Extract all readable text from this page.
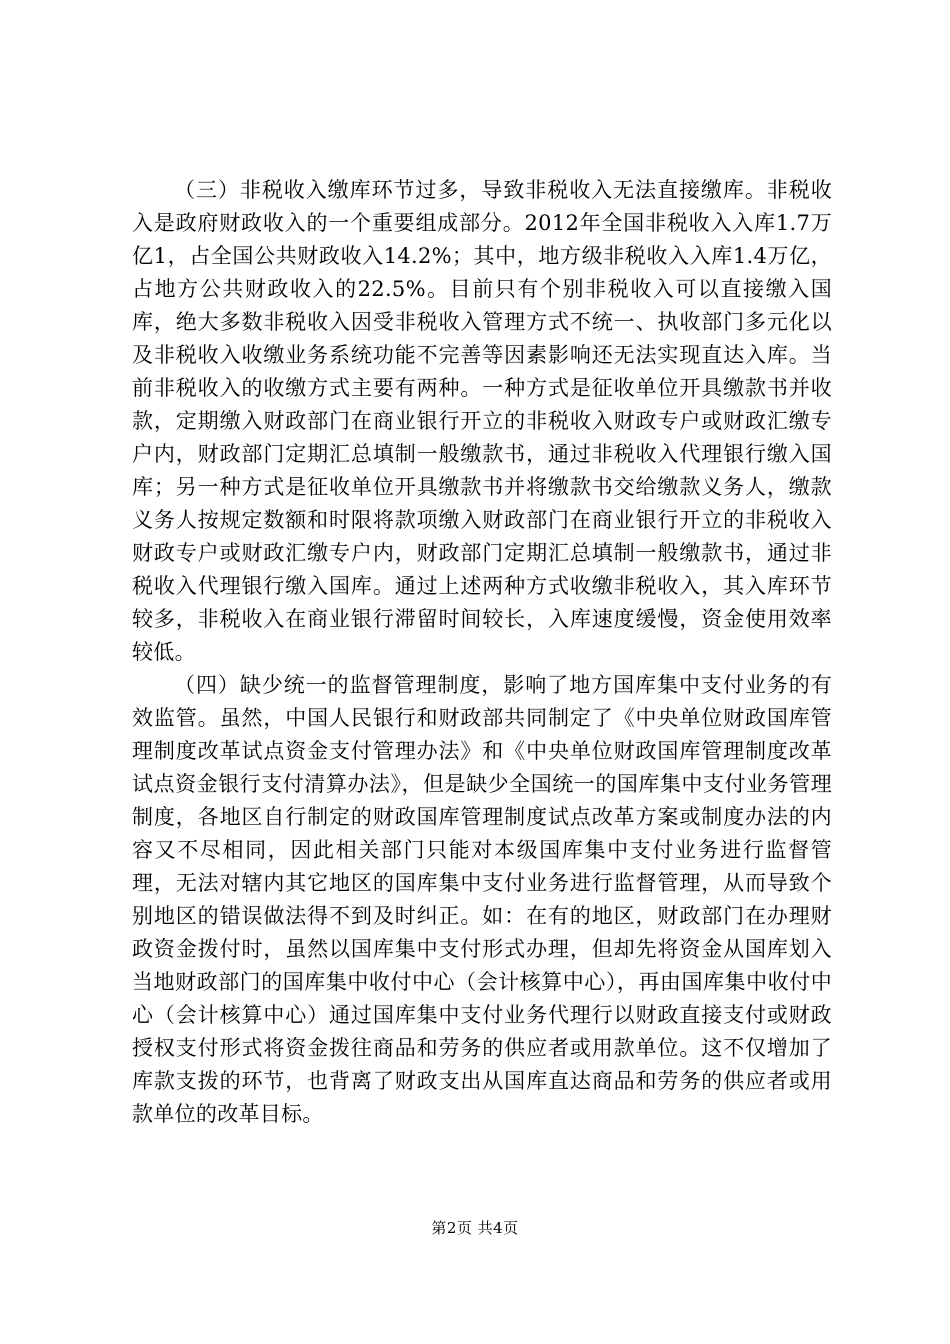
（三）非税收入缴库环节过多，导致非税收入无法直接缴库。非税收入是政府财政收入的一个重要组成部分。2012年全国非税收入入库1.7万亿1，占全国公共财政收入14.2%；其中，地方级非税收入入库1.4万亿，占地方公共财政收入的22.5%。目前只有个别非税收入可以直接缴入国库，绝大多数非税收入因受非税收入管理方式不统一、执收部门多元化以及非税收入收缴业务系统功能不完善等因素影响还无法实现直达入库。当前非税收入的收缴方式主要有两种。一种方式是征收单位开具缴款书并收款，定期缴入财政部门在商业银行开立的非税收入财政专户或财政汇缴专户内，财政部门定期汇总填制一般缴款书，通过非税收入代理银行缴入国库；另一种方式是征收单位开具缴款书并将缴款书交给缴款义务人，缴款义务人按规定数额和时限将款项缴入财政部门在商业银行开立的非税收入财政专户或财政汇缴专户内，财政部门定期汇总填制一般缴款书，通过非税收入代理银行缴入国库。通过上述两种方式收缴非税收入，其入库环节较多，非税收入在商业银行滞留时间较长，入库速度缓慢，资金使用效率较低。

（四）缺少统一的监督管理制度，影响了地方国库集中支付业务的有效监管。虽然，中国人民银行和财政部共同制定了《中央单位财政国库管理制度改革试点资金支付管理办法》和《中央单位财政国库管理制度改革试点资金银行支付清算办法》，但是缺少全国统一的国库集中支付业务管理制度，各地区自行制定的财政国库管理制度试点改革方案或制度办法的内容又不尽相同，因此相关部门只能对本级国库集中支付业务进行监督管理，无法对辖内其它地区的国库集中支付业务进行监督管理，从而导致个别地区的错误做法得不到及时纠正。如：在有的地区，财政部门在办理财政资金拨付时，虽然以国库集中支付形式办理，但却先将资金从国库划入当地财政部门的国库集中收付中心（会计核算中心），再由国库集中收付中心（会计核算中心）通过国库集中支付业务代理行以财政直接支付或财政授权支付形式将资金拨往商品和劳务的供应者或用款单位。这不仅增加了库款支拨的环节，也背离了财政支出从国库直达商品和劳务的供应者或用款单位的改革目标。

第2页 共4页
